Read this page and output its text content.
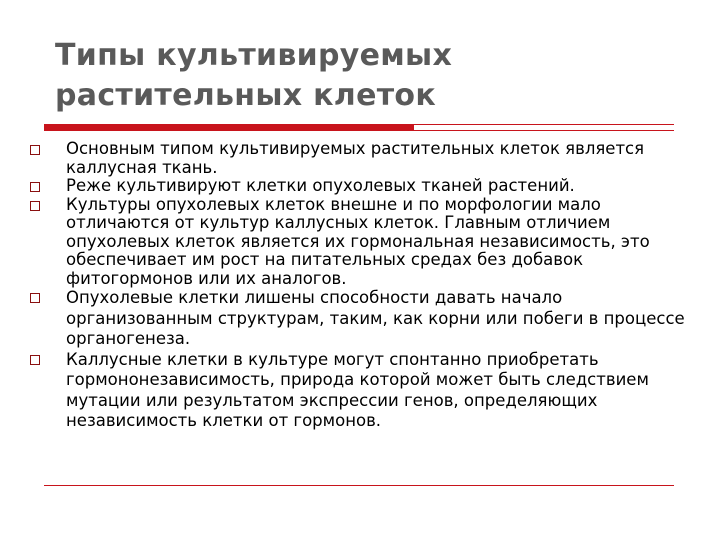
Типы культивируемых растительных клеток
Основным типом культивируемых растительных клеток является каллусная ткань.
Реже культивируют клетки опухолевых тканей растений.
Культуры опухолевых клеток внешне и по морфологии мало отличаются от культур каллусных клеток. Главным отличием опухолевых клеток является их гормональная независимость, это обеспечивает им рост на питательных средах без добавок фитогормонов или их аналогов.
Опухолевые клетки лишены способности давать начало организованным структурам, таким, как корни или побеги в процессе органогенеза.
Каллусные клетки в культуре могут спонтанно приобретать гормононезависимость, природа которой может быть следствием мутации или результатом экспрессии генов, определяющих независимость клетки от гормонов.
